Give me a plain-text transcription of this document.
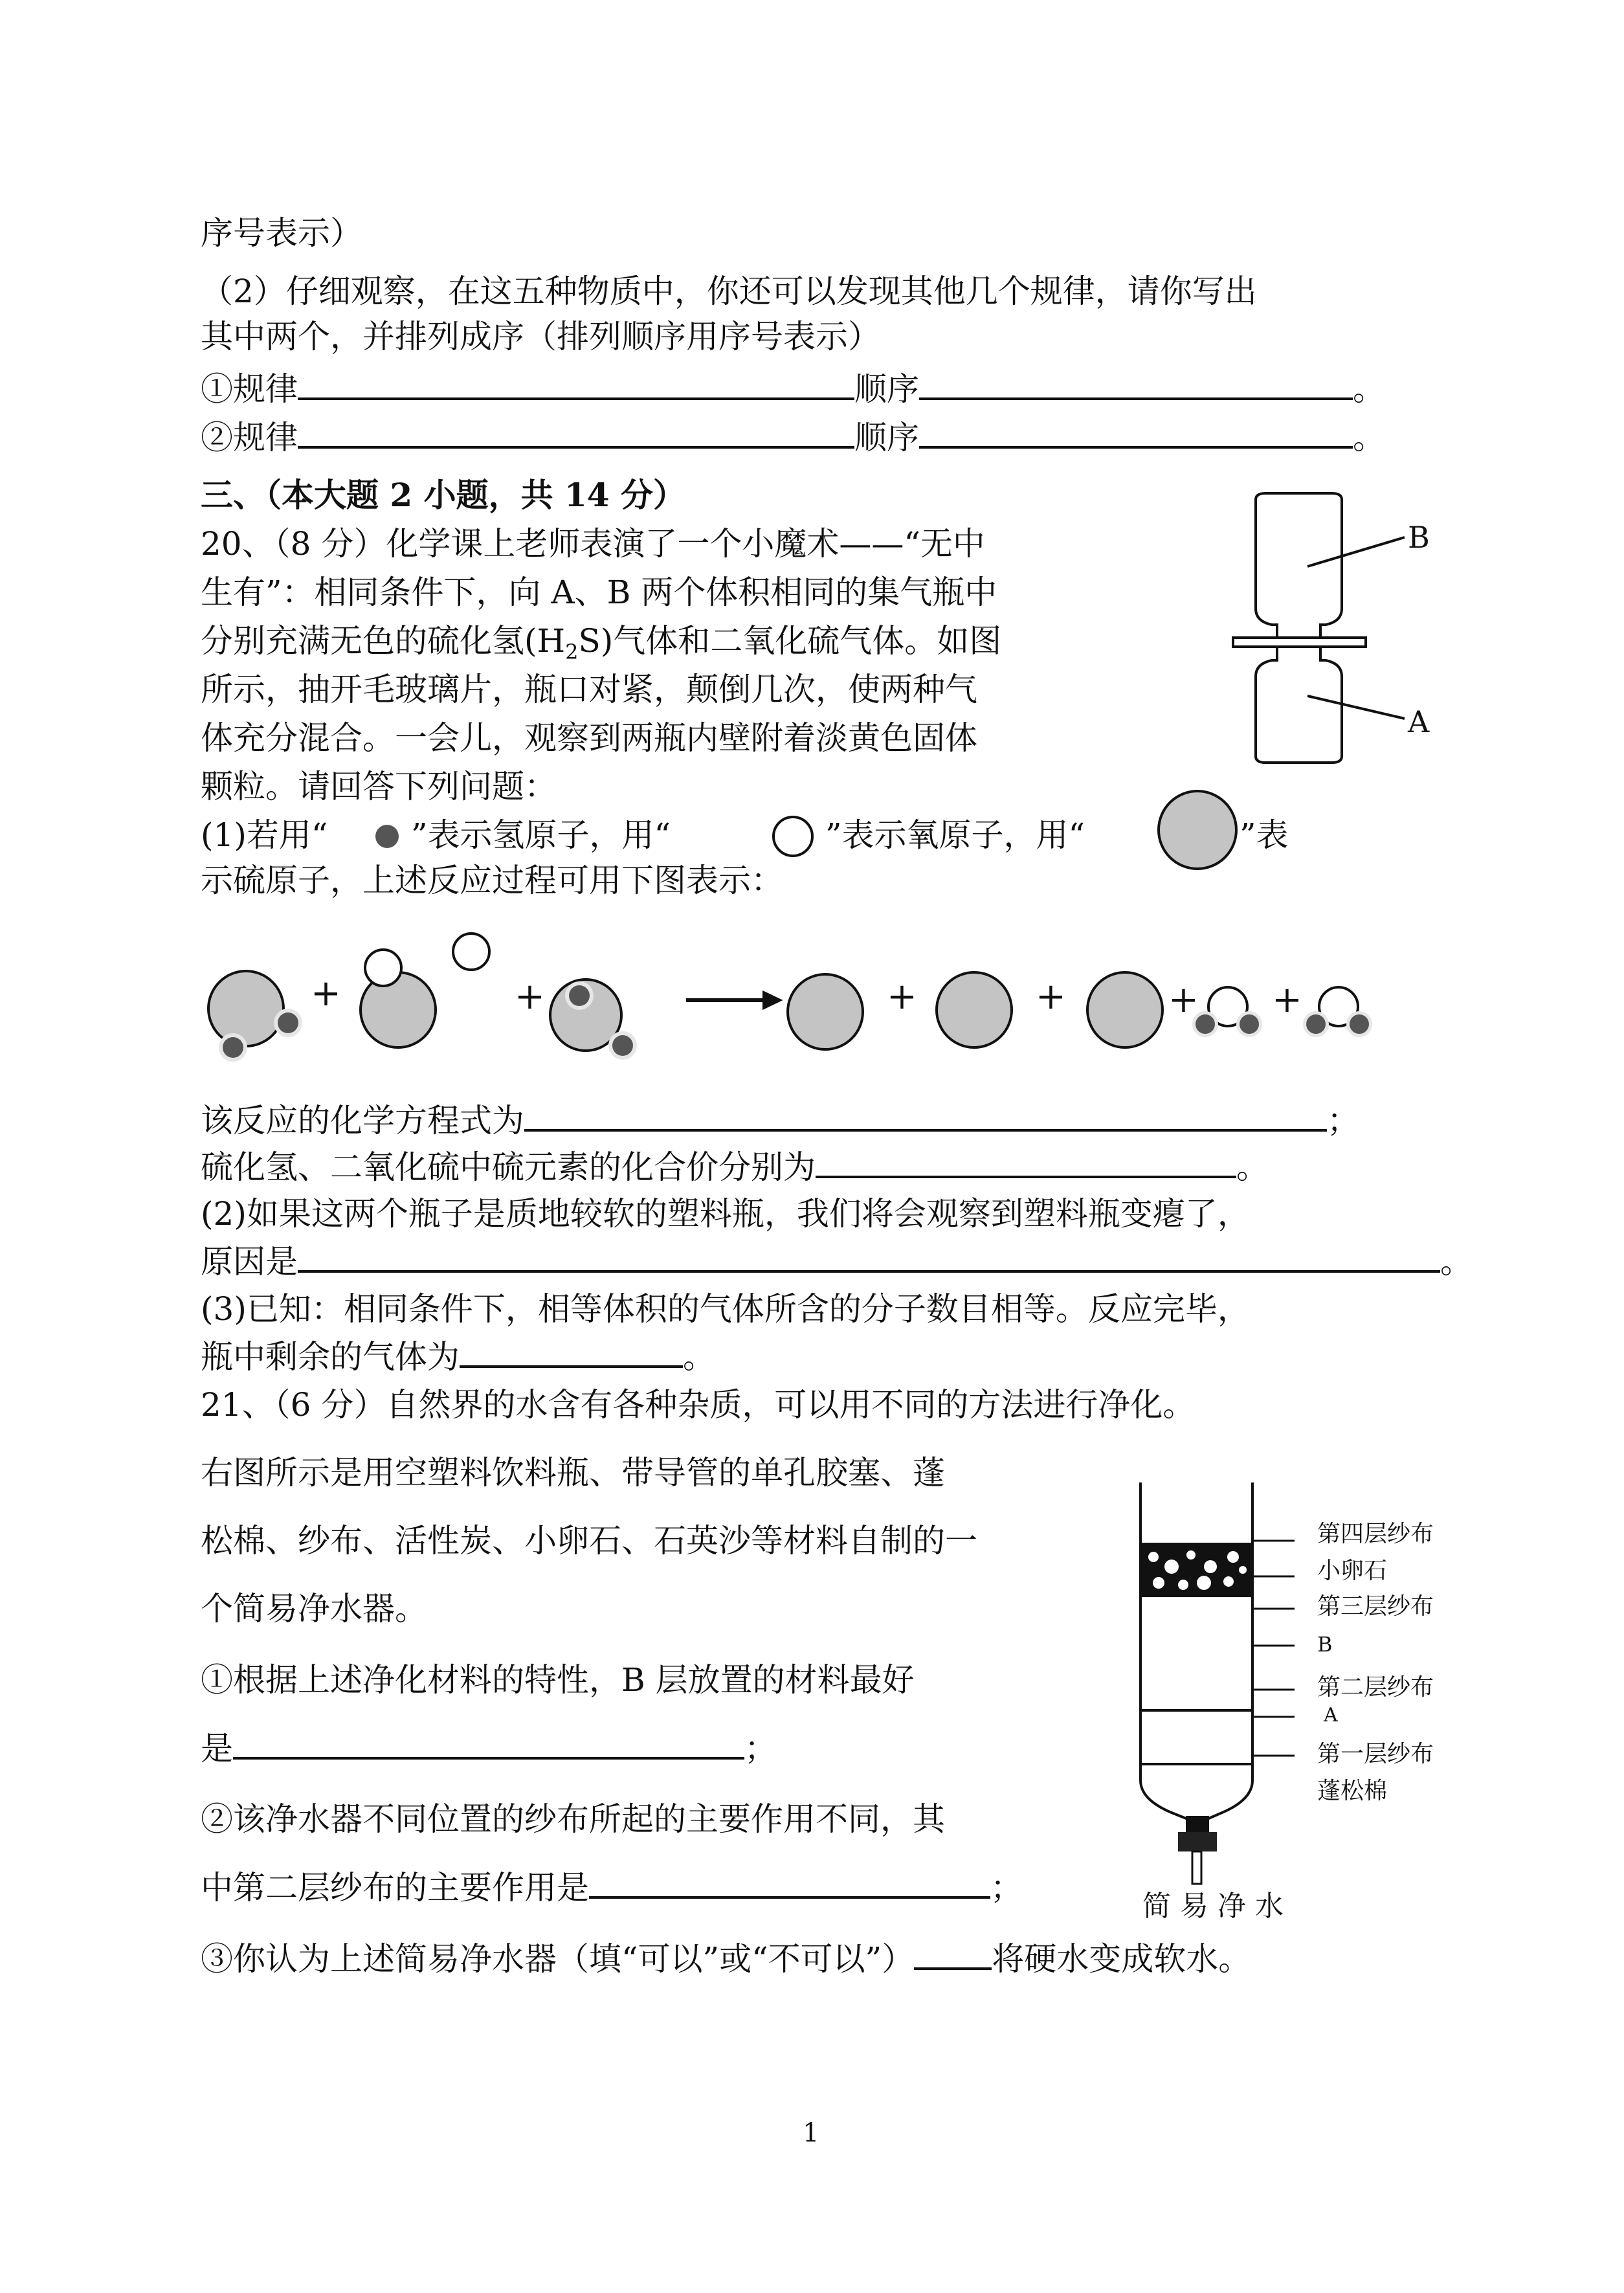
序号表示）
（2）仔细观察，在这五种物质中，你还可以发现其他几个规律，请你写出
其中两个，并排列成序（排列顺序用序号表示）
①规律	顺序	。
②规律	顺序	。
三、（本大题 2 小题，共 14 分）
20、（8 分）化学课上老师表演了一个小魔术——“无中
生有”：相同条件下，向 A、B 两个体积相同的集气瓶中
分别充满无色的硫化氢$(H_2S)$气体和二氧化硫气体。如图
所示，抽开毛玻璃片，瓶口对紧，颠倒几次，使两种气
体充分混合。一会儿，观察到两瓶内壁附着淡黄色固体
颗粒。请回答下列问题：
(1)若用“	”表示氢原子，用“	”表示氧原子，用“	”表
示硫原子，上述反应过程可用下图表示：
B
A
+	+	+	+	+ +
该反应的化学方程式为	；
硫化氢、二氧化硫中硫元素的化合价分别为	。
(2)如果这两个瓶子是质地较软的塑料瓶，我们将会观察到塑料瓶变瘪了，
原因是	。
(3)已知：相同条件下，相等体积的气体所含的分子数目相等。反应完毕，
瓶中剩余的气体为	。
21、（6 分）自然界的水含有各种杂质，可以用不同的方法进行净化。
右图所示是用空塑料饮料瓶、带导管的单孔胶塞、蓬
松棉、纱布、活性炭、小卵石、石英沙等材料自制的一
个简易净水器。
①根据上述净化材料的特性，B 层放置的材料最好
是	；
②该净水器不同位置的纱布所起的主要作用不同，其
中第二层纱布的主要作用是	；
③你认为上述简易净水器（填“可以”或“不可以”） 将硬水变成软水。
第四层纱布
小卵石
第三层纱布
B
第二层纱布
A
第一层纱布
蓬松棉
简 易 净 水
1
